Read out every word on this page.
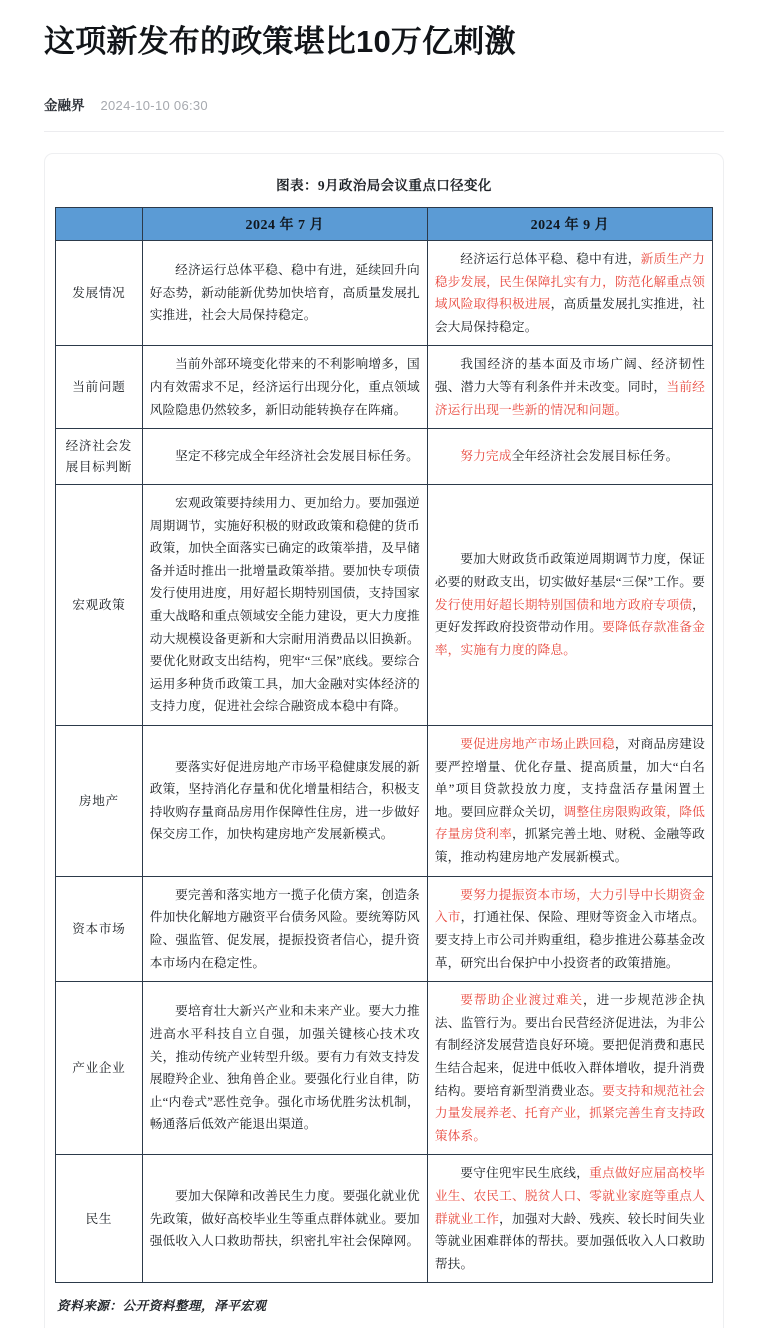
这项新发布的政策堪比10万亿刺激
金融界 2024-10-10 06:30
图表：9月政治局会议重点口径变化
	2024 年 7 月	2024 年 9 月
发展情况	经济运行总体平稳、稳中有进，延续回升向好态势，新动能新优势加快培育，高质量发展扎实推进，社会大局保持稳定。	经济运行总体平稳、稳中有进，新质生产力稳步发展，民生保障扎实有力，防范化解重点领域风险取得积极进展，高质量发展扎实推进，社会大局保持稳定。

当前问题	当前外部环境变化带来的不利影响增多，国内有效需求不足，经济运行出现分化，重点领域风险隐患仍然较多，新旧动能转换存在阵痛。	我国经济的基本面及市场广阔、经济韧性强、潜力大等有利条件并未改变。同时，当前经济运行出现一些新的情况和问题。

经济社会发展目标判断	坚定不移完成全年经济社会发展目标任务。	努力完成全年经济社会发展目标任务。

宏观政策	宏观政策要持续用力、更加给力。要加强逆周期调节，实施好积极的财政政策和稳健的货币政策，加快全面落实已确定的政策举措，及早储备并适时推出一批增量政策举措。要加快专项债发行使用进度，用好超长期特别国债，支持国家重大战略和重点领域安全能力建设，更大力度推动大规模设备更新和大宗耐用消费品以旧换新。要优化财政支出结构，兜牢“三保”底线。要综合运用多种货币政策工具，加大金融对实体经济的支持力度，促进社会综合融资成本稳中有降。	要加大财政货币政策逆周期调节力度，保证必要的财政支出，切实做好基层“三保”工作。要发行使用好超长期特别国债和地方政府专项债，更好发挥政府投资带动作用。要降低存款准备金率，实施有力度的降息。

房地产	要落实好促进房地产市场平稳健康发展的新政策，坚持消化存量和优化增量相结合，积极支持收购存量商品房用作保障性住房，进一步做好保交房工作，加快构建房地产发展新模式。	要促进房地产市场止跌回稳，对商品房建设要严控增量、优化存量、提高质量，加大“白名单”项目贷款投放力度，支持盘活存量闲置土地。要回应群众关切，调整住房限购政策，降低存量房贷利率，抓紧完善土地、财税、金融等政策，推动构建房地产发展新模式。

资本市场	要完善和落实地方一揽子化债方案，创造条件加快化解地方融资平台债务风险。要统筹防风险、强监管、促发展，提振投资者信心，提升资本市场内在稳定性。	要努力提振资本市场，大力引导中长期资金入市，打通社保、保险、理财等资金入市堵点。要支持上市公司并购重组，稳步推进公募基金改革，研究出台保护中小投资者的政策措施。

产业企业	要培育壮大新兴产业和未来产业。要大力推进高水平科技自立自强，加强关键核心技术攻关，推动传统产业转型升级。要有力有效支持发展瞪羚企业、独角兽企业。要强化行业自律，防止“内卷式”恶性竞争。强化市场优胜劣汰机制，畅通落后低效产能退出渠道。	要帮助企业渡过难关，进一步规范涉企执法、监管行为。要出台民营经济促进法，为非公有制经济发展营造良好环境。要把促消费和惠民生结合起来，促进中低收入群体增收，提升消费结构。要培育新型消费业态。要支持和规范社会力量发展养老、托育产业，抓紧完善生育支持政策体系。

民生	要加大保障和改善民生力度。要强化就业优先政策，做好高校毕业生等重点群体就业。要加强低收入人口救助帮扶，织密扎牢社会保障网。	要守住兜牢民生底线，重点做好应届高校毕业生、农民工、脱贫人口、零就业家庭等重点人群就业工作，加强对大龄、残疾、较长时间失业等就业困难群体的帮扶。要加强低收入人口救助帮扶。

资料来源：公开资料整理，泽平宏观
